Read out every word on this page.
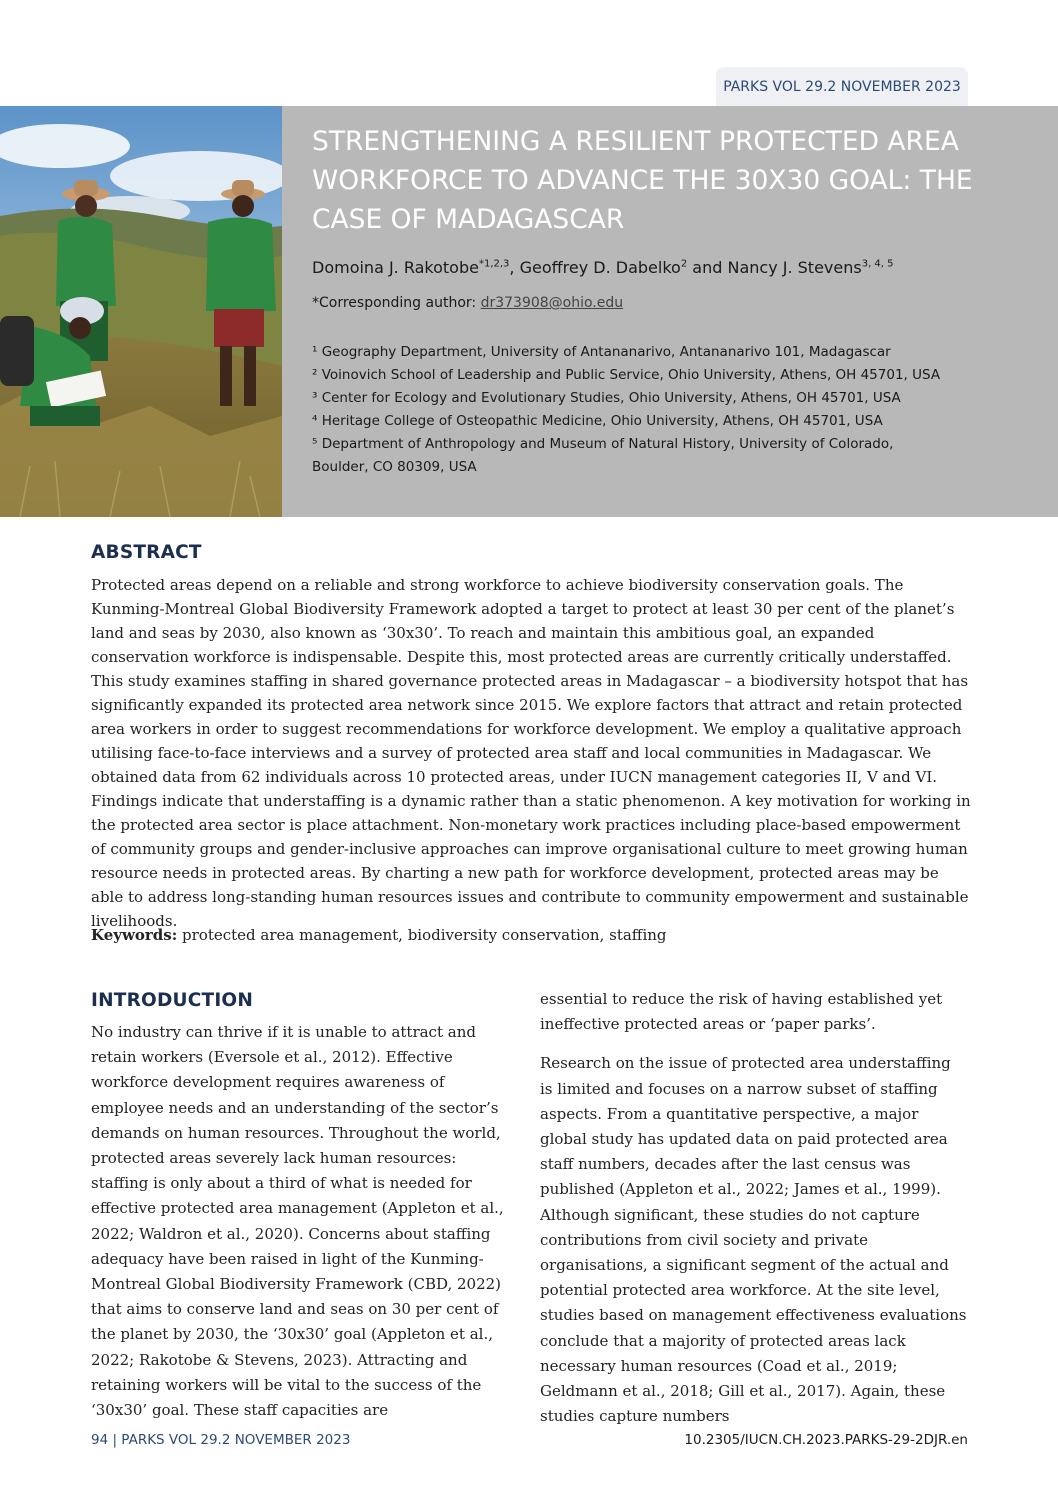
PARKS VOL 29.2 NOVEMBER 2023
STRENGTHENING A RESILIENT PROTECTED AREA
WORKFORCE TO ADVANCE THE 30X30 GOAL: THE
CASE OF MADAGASCAR
Domoina J. Rakotobe$^{*1,2,3}$, Geoffrey D. Dabelko$^2$ and Nancy J. Stevens$^{3, 4, 5}$
*Corresponding author: dr373908@ohio.edu
¹ Geography Department, University of Antananarivo, Antananarivo 101, Madagascar
² Voinovich School of Leadership and Public Service, Ohio University, Athens, OH 45701, USA
³ Center for Ecology and Evolutionary Studies, Ohio University, Athens, OH 45701, USA
⁴ Heritage College of Osteopathic Medicine, Ohio University, Athens, OH 45701, USA
⁵ Department of Anthropology and Museum of Natural History, University of Colorado,
Boulder, CO 80309, USA
ABSTRACT

Protected areas depend on a reliable and strong workforce to achieve biodiversity conservation goals. The Kunming-Montreal Global Biodiversity Framework adopted a target to protect at least 30 per cent of the planet’s land and seas by 2030, also known as ‘30x30’. To reach and maintain this ambitious goal, an expanded conservation workforce is indispensable. Despite this, most protected areas are currently critically understaffed. This study examines staffing in shared governance protected areas in Madagascar – a biodiversity hotspot that has significantly expanded its protected area network since 2015. We explore factors that attract and retain protected area workers in order to suggest recommendations for workforce development. We employ a qualitative approach utilising face-to-face interviews and a survey of protected area staff and local communities in Madagascar. We obtained data from 62 individuals across 10 protected areas, under IUCN management categories II, V and VI. Findings indicate that understaffing is a dynamic rather than a static phenomenon. A key motivation for working in the protected area sector is place attachment. Non-monetary work practices including place-based empowerment of community groups and gender-inclusive approaches can improve organisational culture to meet growing human resource needs in protected areas. By charting a new path for workforce development, protected areas may be able to address long-standing human resources issues and contribute to community empowerment and sustainable livelihoods.

Keywords: protected area management, biodiversity conservation, staffing

INTRODUCTION

No industry can thrive if it is unable to attract and retain workers (Eversole et al., 2012). Effective workforce development requires awareness of employee needs and an understanding of the sector’s demands on human resources. Throughout the world, protected areas severely lack human resources: staffing is only about a third of what is needed for effective protected area management (Appleton et al., 2022; Waldron et al., 2020). Concerns about staffing adequacy have been raised in light of the Kunming-Montreal Global Biodiversity Framework (CBD, 2022) that aims to conserve land and seas on 30 per cent of the planet by 2030, the ‘30x30’ goal (Appleton et al., 2022; Rakotobe & Stevens, 2023). Attracting and retaining workers will be vital to the success of the ‘30x30’ goal. These staff capacities are

essential to reduce the risk of having established yet ineffective protected areas or ‘paper parks’.

Research on the issue of protected area understaffing is limited and focuses on a narrow subset of staffing aspects. From a quantitative perspective, a major global study has updated data on paid protected area staff numbers, decades after the last census was published (Appleton et al., 2022; James et al., 1999). Although significant, these studies do not capture contributions from civil society and private organisations, a significant segment of the actual and potential protected area workforce. At the site level, studies based on management effectiveness evaluations conclude that a majority of protected areas lack necessary human resources (Coad et al., 2019; Geldmann et al., 2018; Gill et al., 2017). Again, these studies capture numbers

94 | PARKS VOL 29.2 NOVEMBER 2023	10.2305/IUCN.CH.2023.PARKS-29-2DJR.en
